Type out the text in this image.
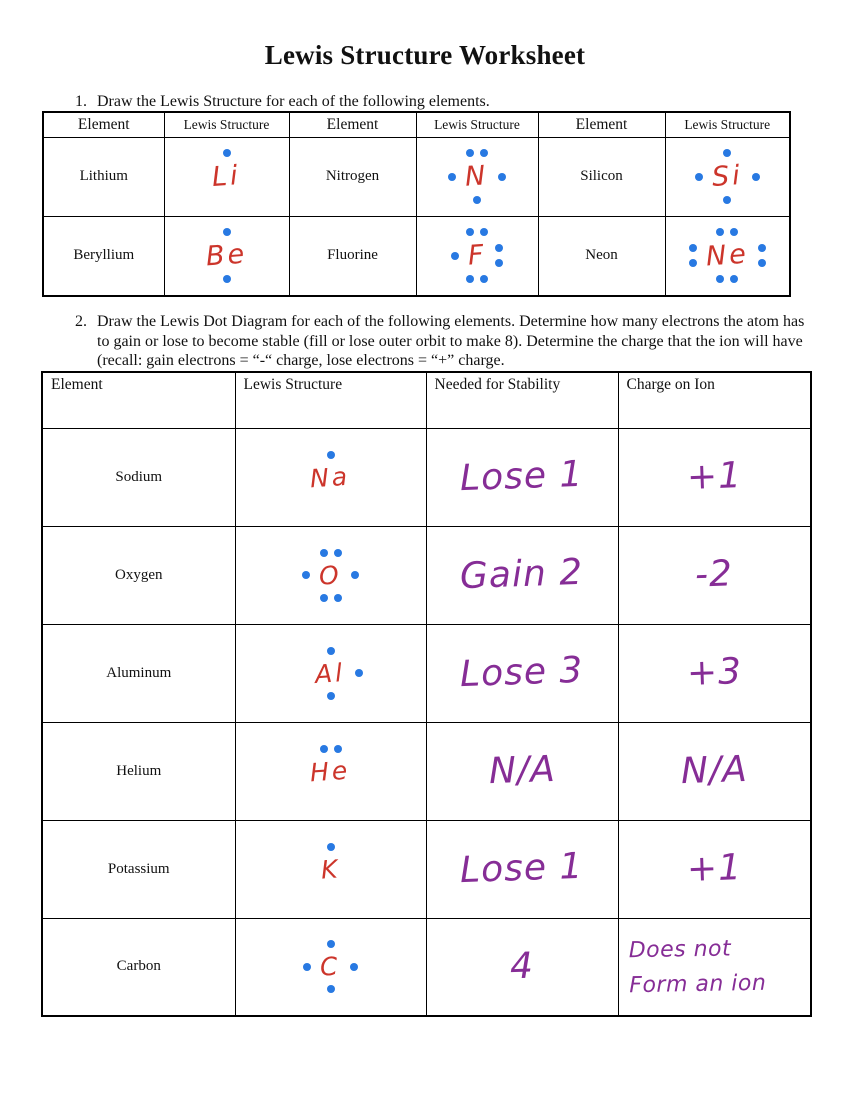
Lewis Structure Worksheet
1. Draw the Lewis Structure for each of the following elements.
Element	Lewis Structure	Element	Lewis Structure	Element	Lewis Structure
Lithium	Li	Nitrogen	N	Silicon	Si

Beryllium	Be	Fluorine	F	Neon	Ne
2. Draw the Lewis Dot Diagram for each of the following elements. Determine how many electrons the atom has to gain or lose to become stable (fill or lose outer orbit to make 8). Determine the charge that the ion will have (recall: gain electrons = “-“ charge, lose electrons = “+” charge.
Element	Lewis Structure	Needed for Stability	Charge on Ion
Sodium	Na	Lose 1	+1
Oxygen	O	Gain 2	-2
Aluminum	Al	Lose 3	+3
Helium	He	N/A	N/A
Potassium	K	Lose 1	+1
Carbon	C	4	Does not
Form an ion
